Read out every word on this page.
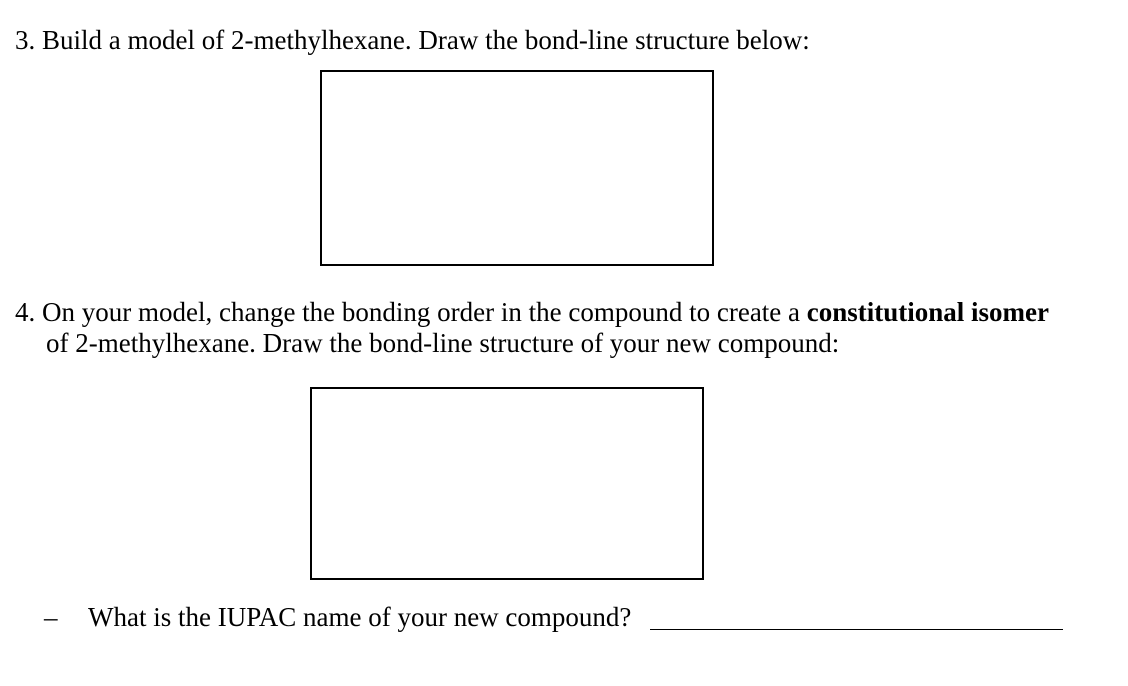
3. Build a model of 2-methylhexane. Draw the bond-line structure below:
4. On your model, change the bonding order in the compound to create a constitutional isomer
of 2-methylhexane. Draw the bond-line structure of your new compound:
– What is the IUPAC name of your new compound?
